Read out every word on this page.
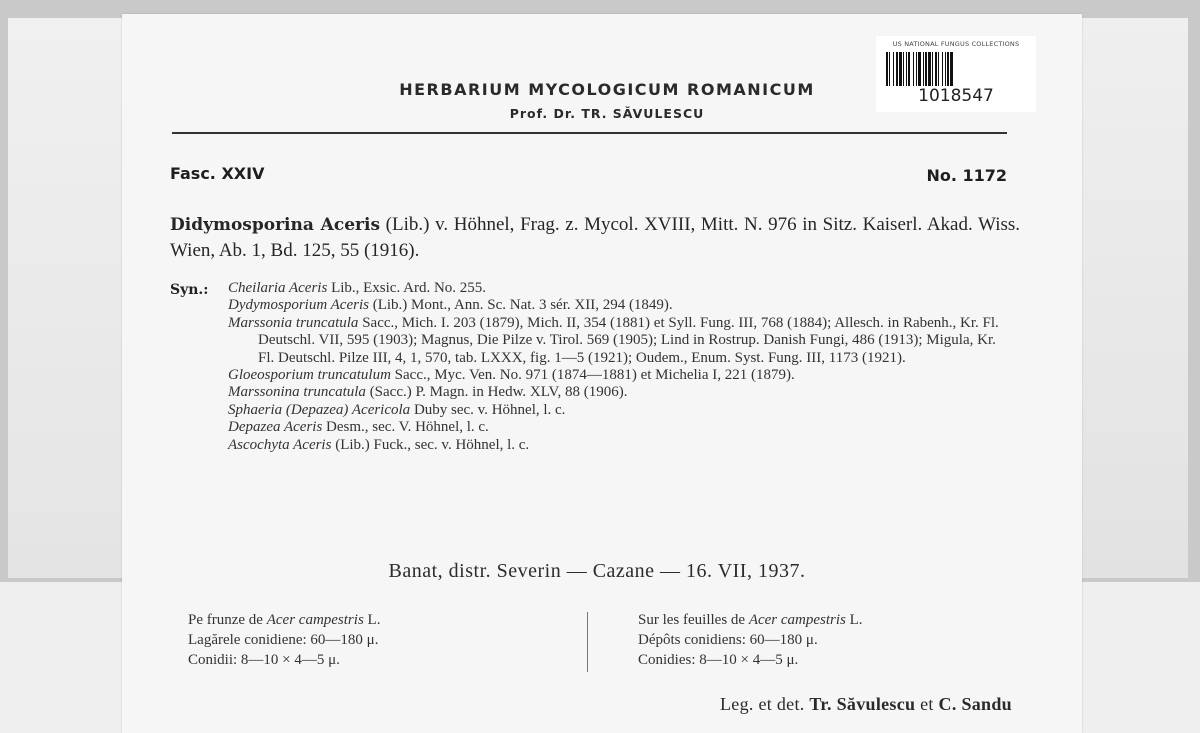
HERBARIUM MYCOLOGICUM ROMANICUM
Prof. Dr. TR. SĂVULESCU
Fasc. XXIV	No. 1172
Didymosporina Aceris (Lib.) v. Höhnel, Frag. z. Mycol. XVIII, Mitt. N. 976 in Sitz. Kaiserl. Akad. Wiss. Wien, Ab. 1, Bd. 125, 55 (1916).
Syn.: Cheilaria Aceris Lib., Exsic. Ard. No. 255.

Dydymosporium Aceris (Lib.) Mont., Ann. Sc. Nat. 3 sér. XII, 294 (1849).

Marssonia truncatula Sacc., Mich. I. 203 (1879), Mich. II, 354 (1881) et Syll. Fung. III, 768 (1884); Allesch. in Rabenh., Kr. Fl. Deutschl. VII, 595 (1903); Magnus, Die Pilze v. Tirol. 569 (1905); Lind in Rostrup. Danish Fungi, 486 (1913); Migula, Kr. Fl. Deutschl. Pilze III, 4, 1, 570, tab. LXXX, fig. 1—5 (1921); Oudem., Enum. Syst. Fung. III, 1173 (1921).

Gloeosporium truncatulum Sacc., Myc. Ven. No. 971 (1874—1881) et Michelia I, 221 (1879).

Marssonina truncatula (Sacc.) P. Magn. in Hedw. XLV, 88 (1906).

Sphaeria (Depazea) Acericola Duby sec. v. Höhnel, l. c.

Depazea Aceris Desm., sec. V. Höhnel, l. c.

Ascochyta Aceris (Lib.) Fuck., sec. v. Höhnel, l. c.

Banat, distr. Severin — Cazane — 16. VII, 1937.
Pe frunze de Acer campestris L.
Lagărele conidiene: 60—180 μ.
Conidii: 8—10 × 4—5 μ.
Sur les feuilles de Acer campestris L.
Dépôts conidiens: 60—180 μ.
Conidies: 8—10 × 4—5 μ.
Leg. et det. Tr. Săvulescu et C. Sandu
US NATIONAL FUNGUS COLLECTIONS
1018547
